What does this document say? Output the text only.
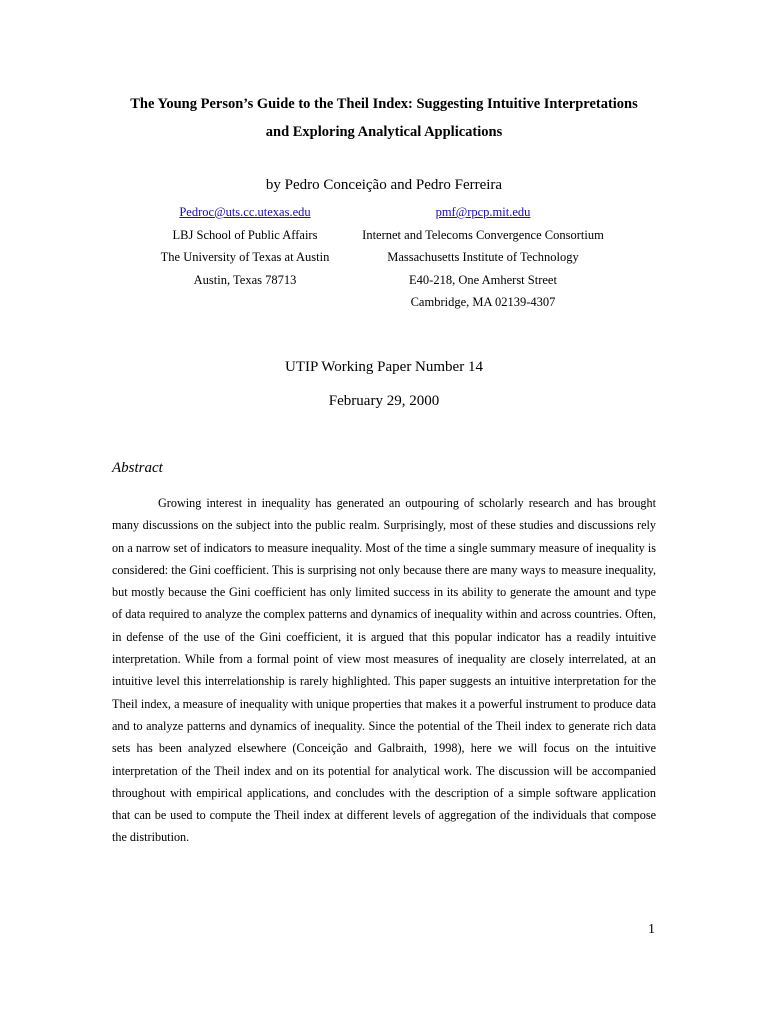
The Young Person’s Guide to the Theil Index: Suggesting Intuitive Interpretations
and Exploring Analytical Applications
by Pedro Conceição and Pedro Ferreira
Pedroc@uts.cc.utexas.edu
LBJ School of Public Affairs
The University of Texas at Austin
Austin, Texas 78713
pmf@rpcp.mit.edu
Internet and Telecoms Convergence Consortium
Massachusetts Institute of Technology
E40-218, One Amherst Street
Cambridge, MA 02139-4307
UTIP Working Paper Number 14
February 29, 2000
Abstract

Growing interest in inequality has generated an outpouring of scholarly research and has brought many discussions on the subject into the public realm. Surprisingly, most of these studies and discussions rely on a narrow set of indicators to measure inequality. Most of the time a single summary measure of inequality is considered: the Gini coefficient. This is surprising not only because there are many ways to measure inequality, but mostly because the Gini coefficient has only limited success in its ability to generate the amount and type of data required to analyze the complex patterns and dynamics of inequality within and across countries. Often, in defense of the use of the Gini coefficient, it is argued that this popular indicator has a readily intuitive interpretation. While from a formal point of view most measures of inequality are closely interrelated, at an intuitive level this interrelationship is rarely highlighted. This paper suggests an intuitive interpretation for the Theil index, a measure of inequality with unique properties that makes it a powerful instrument to produce data and to analyze patterns and dynamics of inequality. Since the potential of the Theil index to generate rich data sets has been analyzed elsewhere (Conceição and Galbraith, 1998), here we will focus on the intuitive interpretation of the Theil index and on its potential for analytical work. The discussion will be accompanied throughout with empirical applications, and concludes with the description of a simple software application that can be used to compute the Theil index at different levels of aggregation of the individuals that compose the distribution.

1
